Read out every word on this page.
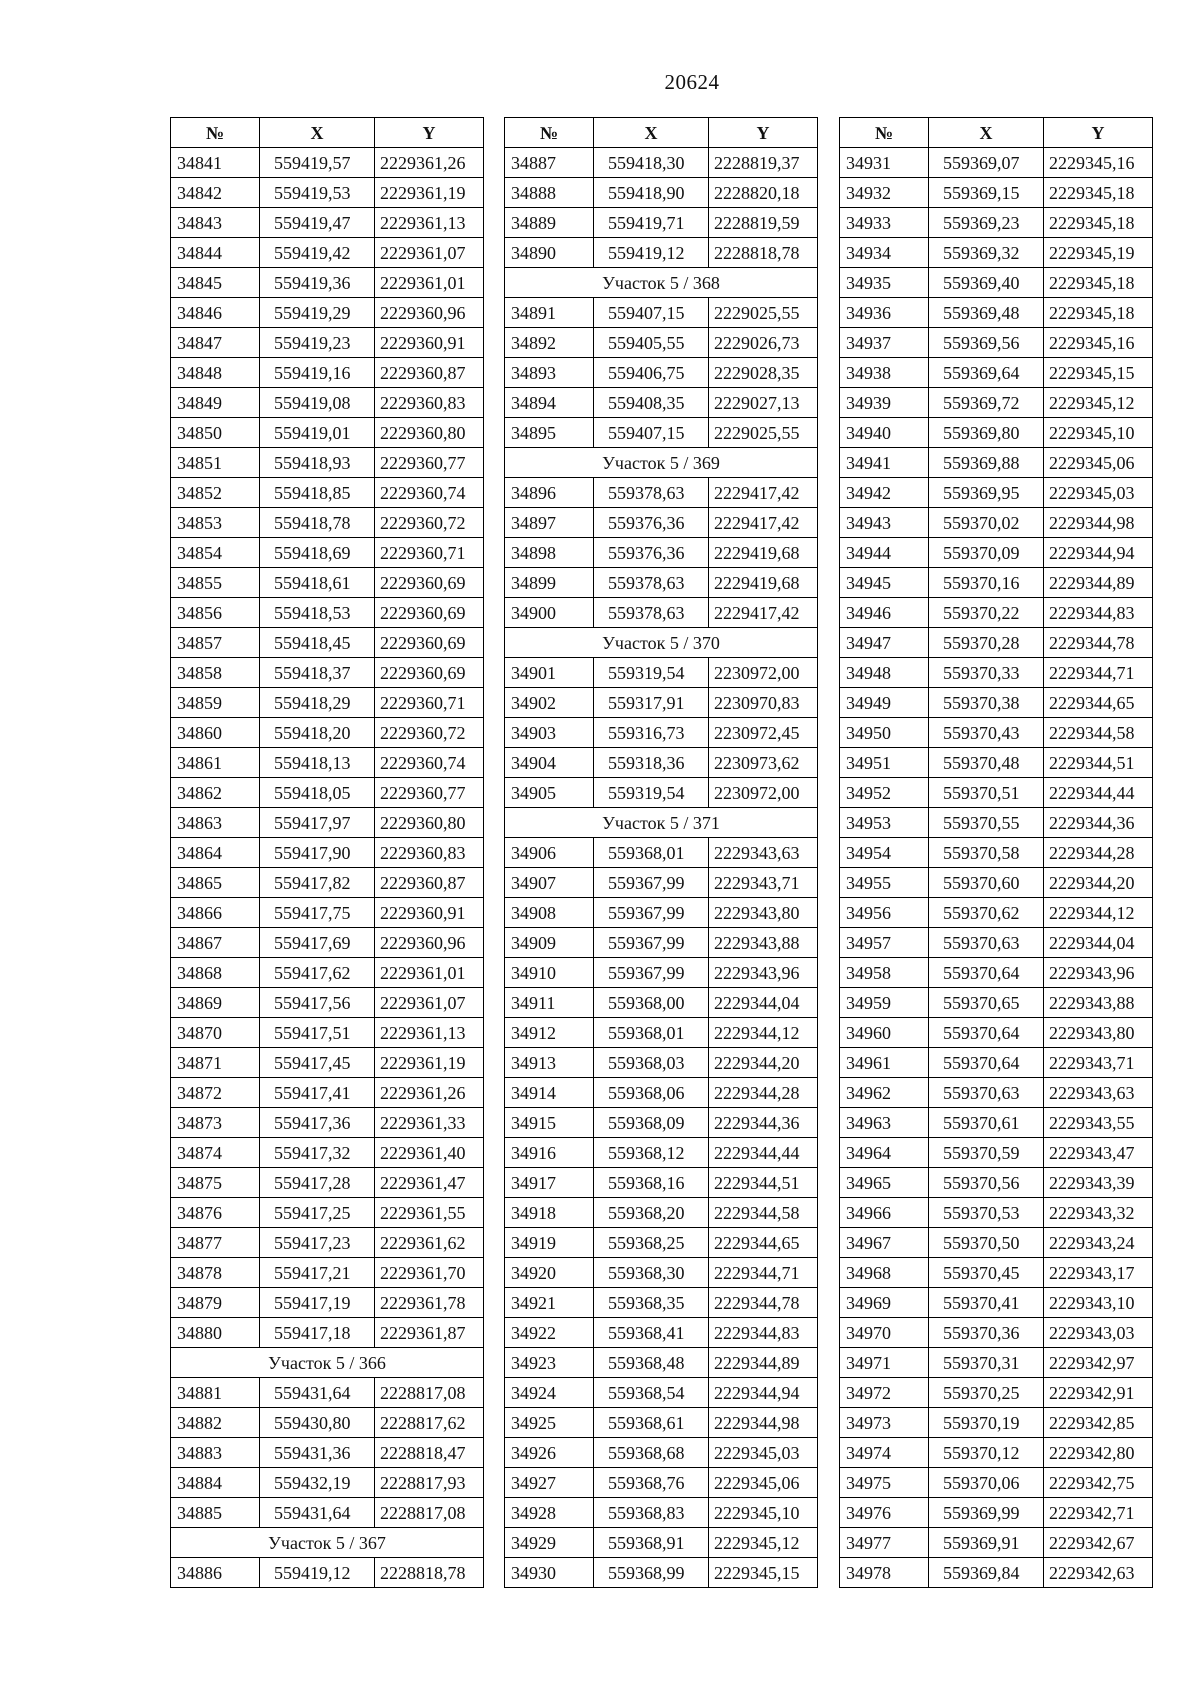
20624
№	X	Y
34841	559419,57	2229361,26
34842	559419,53	2229361,19
34843	559419,47	2229361,13
34844	559419,42	2229361,07
34845	559419,36	2229361,01
34846	559419,29	2229360,96
34847	559419,23	2229360,91
34848	559419,16	2229360,87
34849	559419,08	2229360,83
34850	559419,01	2229360,80
34851	559418,93	2229360,77
34852	559418,85	2229360,74
34853	559418,78	2229360,72
34854	559418,69	2229360,71
34855	559418,61	2229360,69
34856	559418,53	2229360,69
34857	559418,45	2229360,69
34858	559418,37	2229360,69
34859	559418,29	2229360,71
34860	559418,20	2229360,72
34861	559418,13	2229360,74
34862	559418,05	2229360,77
34863	559417,97	2229360,80
34864	559417,90	2229360,83
34865	559417,82	2229360,87
34866	559417,75	2229360,91
34867	559417,69	2229360,96
34868	559417,62	2229361,01
34869	559417,56	2229361,07
34870	559417,51	2229361,13
34871	559417,45	2229361,19
34872	559417,41	2229361,26
34873	559417,36	2229361,33
34874	559417,32	2229361,40
34875	559417,28	2229361,47
34876	559417,25	2229361,55
34877	559417,23	2229361,62
34878	559417,21	2229361,70
34879	559417,19	2229361,78
34880	559417,18	2229361,87
Участок 5 / 366		
34881	559431,64	2228817,08
34882	559430,80	2228817,62
34883	559431,36	2228818,47
34884	559432,19	2228817,93
34885	559431,64	2228817,08
Участок 5 / 367		
34886	559419,12	2228818,78
№	X	Y
34887	559418,30	2228819,37
34888	559418,90	2228820,18
34889	559419,71	2228819,59
34890	559419,12	2228818,78
Участок 5 / 368		
34891	559407,15	2229025,55
34892	559405,55	2229026,73
34893	559406,75	2229028,35
34894	559408,35	2229027,13
34895	559407,15	2229025,55
Участок 5 / 369		
34896	559378,63	2229417,42
34897	559376,36	2229417,42
34898	559376,36	2229419,68
34899	559378,63	2229419,68
34900	559378,63	2229417,42
Участок 5 / 370		
34901	559319,54	2230972,00
34902	559317,91	2230970,83
34903	559316,73	2230972,45
34904	559318,36	2230973,62
34905	559319,54	2230972,00
Участок 5 / 371		
34906	559368,01	2229343,63
34907	559367,99	2229343,71
34908	559367,99	2229343,80
34909	559367,99	2229343,88
34910	559367,99	2229343,96
34911	559368,00	2229344,04
34912	559368,01	2229344,12
34913	559368,03	2229344,20
34914	559368,06	2229344,28
34915	559368,09	2229344,36
34916	559368,12	2229344,44
34917	559368,16	2229344,51
34918	559368,20	2229344,58
34919	559368,25	2229344,65
34920	559368,30	2229344,71
34921	559368,35	2229344,78
34922	559368,41	2229344,83
34923	559368,48	2229344,89
34924	559368,54	2229344,94
34925	559368,61	2229344,98
34926	559368,68	2229345,03
34927	559368,76	2229345,06
34928	559368,83	2229345,10
34929	559368,91	2229345,12
34930	559368,99	2229345,15
№	X	Y
34931	559369,07	2229345,16
34932	559369,15	2229345,18
34933	559369,23	2229345,18
34934	559369,32	2229345,19
34935	559369,40	2229345,18
34936	559369,48	2229345,18
34937	559369,56	2229345,16
34938	559369,64	2229345,15
34939	559369,72	2229345,12
34940	559369,80	2229345,10
34941	559369,88	2229345,06
34942	559369,95	2229345,03
34943	559370,02	2229344,98
34944	559370,09	2229344,94
34945	559370,16	2229344,89
34946	559370,22	2229344,83
34947	559370,28	2229344,78
34948	559370,33	2229344,71
34949	559370,38	2229344,65
34950	559370,43	2229344,58
34951	559370,48	2229344,51
34952	559370,51	2229344,44
34953	559370,55	2229344,36
34954	559370,58	2229344,28
34955	559370,60	2229344,20
34956	559370,62	2229344,12
34957	559370,63	2229344,04
34958	559370,64	2229343,96
34959	559370,65	2229343,88
34960	559370,64	2229343,80
34961	559370,64	2229343,71
34962	559370,63	2229343,63
34963	559370,61	2229343,55
34964	559370,59	2229343,47
34965	559370,56	2229343,39
34966	559370,53	2229343,32
34967	559370,50	2229343,24
34968	559370,45	2229343,17
34969	559370,41	2229343,10
34970	559370,36	2229343,03
34971	559370,31	2229342,97
34972	559370,25	2229342,91
34973	559370,19	2229342,85
34974	559370,12	2229342,80
34975	559370,06	2229342,75
34976	559369,99	2229342,71
34977	559369,91	2229342,67
34978	559369,84	2229342,63
